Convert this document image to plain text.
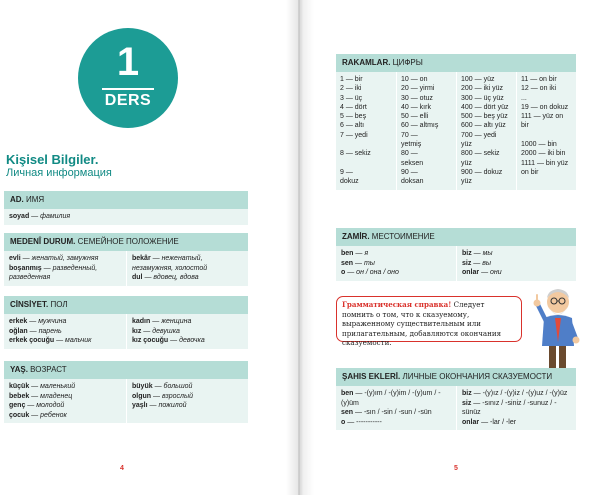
1
DERS
Kişisel Bilgiler.
Личная информация
AD. ИМЯ
soyad — фамилия
MEDENÎ DURUM. СЕМЕЙНОЕ ПОЛОЖЕНИЕ
evli — женатый, замужняя
boşanmış — разведенный, разведенная
bekâr — неженатый, незамужняя, холостой
dul — вдовец, вдова
CİNSİYET. ПОЛ
erkek — мужчина
oğlan — парень
erkek çocuğu — мальчик
kadın — женщина
kız — девушка
kız çocuğu — девочка
YAŞ. ВОЗРАСТ
küçük — маленький
bebek — младенец
genç — молодой
çocuk — ребенок
büyük — большой
olgun — взрослый
yaşlı — пожилой
4
RAKAMLAR. ЦИФРЫ
1 — bir
2 — iki
3 — üç
4 — dört
5 — beş
6 — altı
7 — yedi

8 — sekiz

9 —
dokuz
10 — on
20 — yirmi
30 — otuz
40 — kırk
50 — elli
60 — altmış
70 —
yetmiş
80 —
seksen
90 —
doksan
100 — yüz
200 — iki yüz
300 — üç yüz
400 — dört yüz
500 — beş yüz
600 — altı yüz
700 — yedi
yüz
800 — sekiz
yüz
900 — dokuz
yüz
11 — on bir
12 — on iki
...
19 — on dokuz
111 — yüz on bir

1000 — bin
2000 — iki bin
1111 — bin yüz on bir
ZAMİR. МЕСТОИМЕНИЕ
ben — я
sen — ты
o — он / она / оно
biz — мы
siz — вы
onlar — они
Грамматическая справка! Следует помнить о том, что к сказуемому, выраженному существительным или прилагательным, добавляются окончания сказуемости.
ŞAHIS EKLERİ. ЛИЧНЫЕ ОКОНЧАНИЯ СКАЗУЕМОСТИ
ben — -(y)ım / -(y)im / -(y)um / -(y)üm
sen — -sın / -sin / -sun / -sün
o — -----------
biz — -(y)ız / -(y)iz / -(y)uz / -(y)üz
siz — -sınız / -siniz / -sunuz / -sünüz
onlar — -lar / -ler
5
